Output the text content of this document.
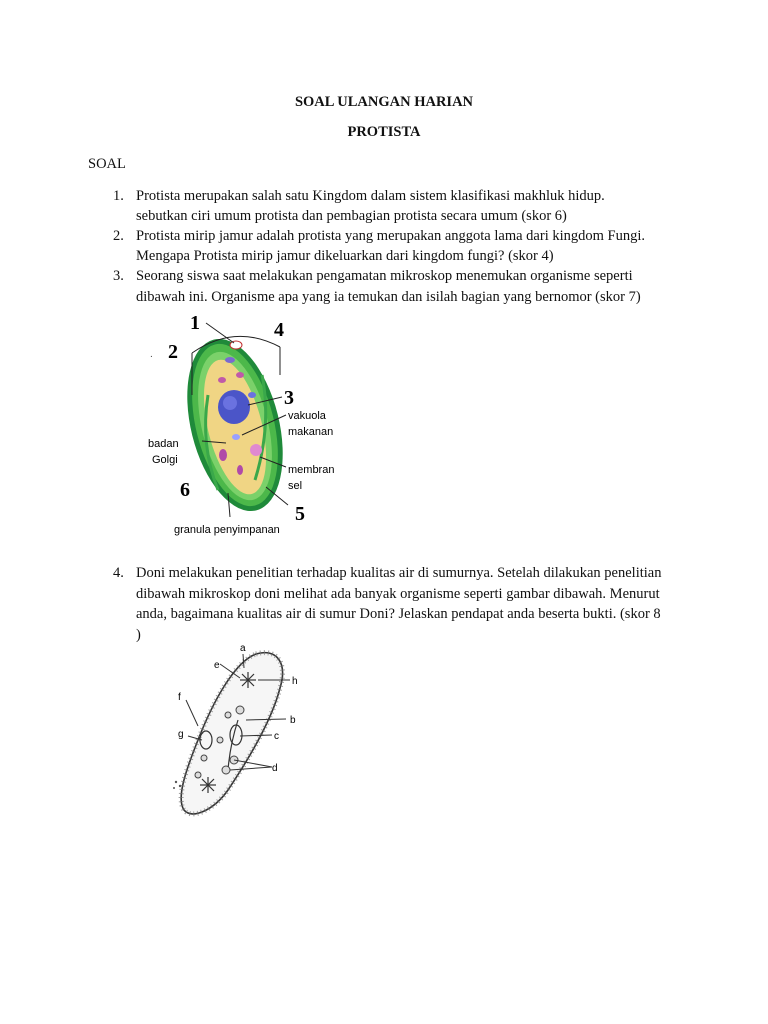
SOAL ULANGAN HARIAN
PROTISTA
SOAL
1. Protista merupakan salah satu Kingdom dalam sistem klasifikasi makhluk hidup.
sebutkan ciri umum protista dan pembagian protista secara umum (skor 6)
2. Protista mirip jamur adalah protista yang merupakan anggota lama dari kingdom Fungi.
Mengapa Protista mirip jamur dikeluarkan dari kingdom fungi? (skor 4)
3. Seorang siswa saat melakukan pengamatan mikroskop menemukan organisme seperti
dibawah ini. Organisme apa yang ia temukan dan isilah bagian yang bernomor (skor 7)
1
2
3
4
5
6
vakuola
makanan
badan
Golgi
membran
sel
granula penyimpanan
.
4. Doni melakukan penelitian terhadap kualitas air di sumurnya. Setelah dilakukan penelitian
dibawah mikroskop doni melihat ada banyak organisme seperti gambar dibawah. Menurut
anda, bagaimana kualitas air di sumur Doni? Jelaskan pendapat anda beserta bukti. (skor 8
)
a
b
c
d
e
f
g
h
